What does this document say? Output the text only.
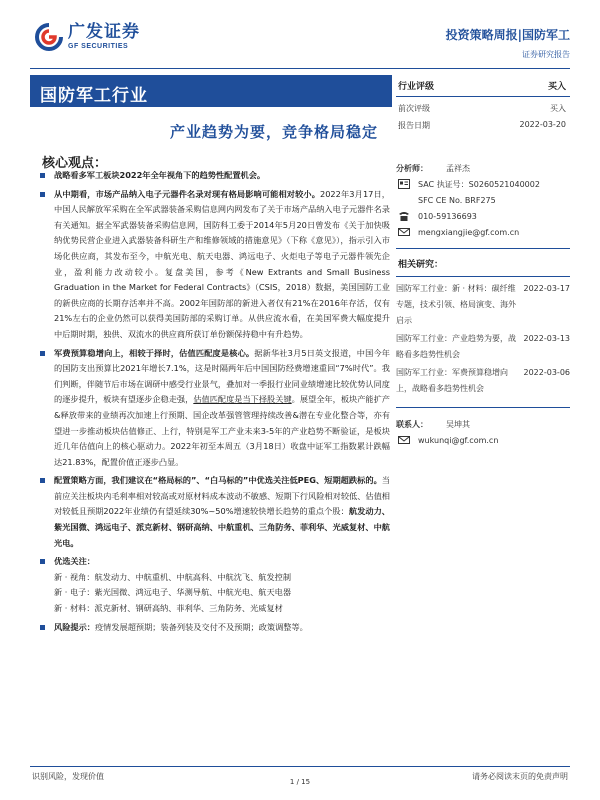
广发证券
GF SECURITIES
投资策略周报|国防军工
证券研究报告
国防军工行业
产业趋势为要，竞争格局稳定
行业评级	买入
前次评级	买入
报告日期	2022-03-20
核心观点：
战略看多军工板块2022年全年视角下的趋势性配置机会。
从中期看，市场产品纳入电子元器件名录对现有格局影响可能相对较小。2022年3月17日，中国人民解放军采购在全军武器装备采购信息网内网发布了关于市场产品纳入电子元器件名录有关通知。据全军武器装备采购信息网，国防科工委于2014年5月20日曾发布《关于加快吸纳优势民营企业进入武器装备科研生产和维修领域的措施意见》（下称《意见》），指示引入市场化供应商，其发布至今，中航光电、航天电器、鸿远电子、火炬电子等电子元器件领先企业，盈利能力改动较小。复盘美国，参考《New Extrants and Small Business Graduation in the Market for Federal Contracts》（CSIS，2018）数据，美国国防工业的新供应商的长期存活率并不高。2002年国防部的新进入者仅有21%在2016年存活，仅有21%左右的企业仍然可以获得美国防部的采购订单。从供应流水看，在美国军费大幅度提升中后期时期，独供、双流水的供应商所获订单份额保持稳中有升趋势。
军费预算稳增向上，相较于择时，估值匹配度是核心。据新华社3月5日英文报道，中国今年的国防支出预算比2021年增长7.1%，这是时隔两年后中国国防经费增速重回“7%时代”。我们判断，伴随节后市场在调研中感受行业景气，叠加对一季报行业同业绩增速比较优势认同度的逐步提升，板块有望逐步企稳走强，估值匹配度是当下择股关键。展望全年，板块产能扩产&释放带来的业绩再次加速上行预期、国企改革强管管理持续改善&潜在专业化整合等，亦有望进一步推动板块估值修正、上行，特别是军工产业未来3-5年的产业趋势不断验证，是板块近几年估值向上的核心驱动力。2022年初至本周五（3月18日）收盘中证军工指数累计跌幅达21.83%，配置价值正逐步凸显。
配置策略方面，我们建议在“格局标的”、“白马标的”中优选关注低PEG、短期超跌标的。当前应关注板块内毛利率相对较高或对原材料成本波动不敏感、短期下行风险相对较低、估值相对较低且预期2022年业绩仍有望延续30%~50%增速较快增长趋势的重点个股：航发动力、紫光国微、鸿远电子、派克新材、钢研高纳、中航重机、三角防务、菲利华、光威复材、中航光电。
优选关注：
新 · 视角：航发动力、中航重机、中航高科、中航沈飞、航发控制
新 · 电子：紫光国微、鸿远电子、华测导航、中航光电、航天电器
新 · 材料：派克新材、钢研高纳、菲利华、三角防务、光威复材
风险提示：疫情发展超预期；装备列装及交付不及预期；政策调整等。
分析师：	孟祥杰
SAC 执证号：S0260521040002
SFC CE No. BRF275
010-59136693
mengxiangjie@gf.com.cn
相关研究：
国防军工行业：新 · 材料：碳纤维专题，技术引领、格局演变、海外启示
2022-03-17
国防军工行业：产业趋势为要，战略看多趋势性机会
2022-03-13
国防军工行业：军费预算稳增向上，战略看多趋势性机会
2022-03-06
联系人：	吴坤其
wukunqi@gf.com.cn
识别风险，发现价值
1 / 15
请务必阅读末页的免责声明
